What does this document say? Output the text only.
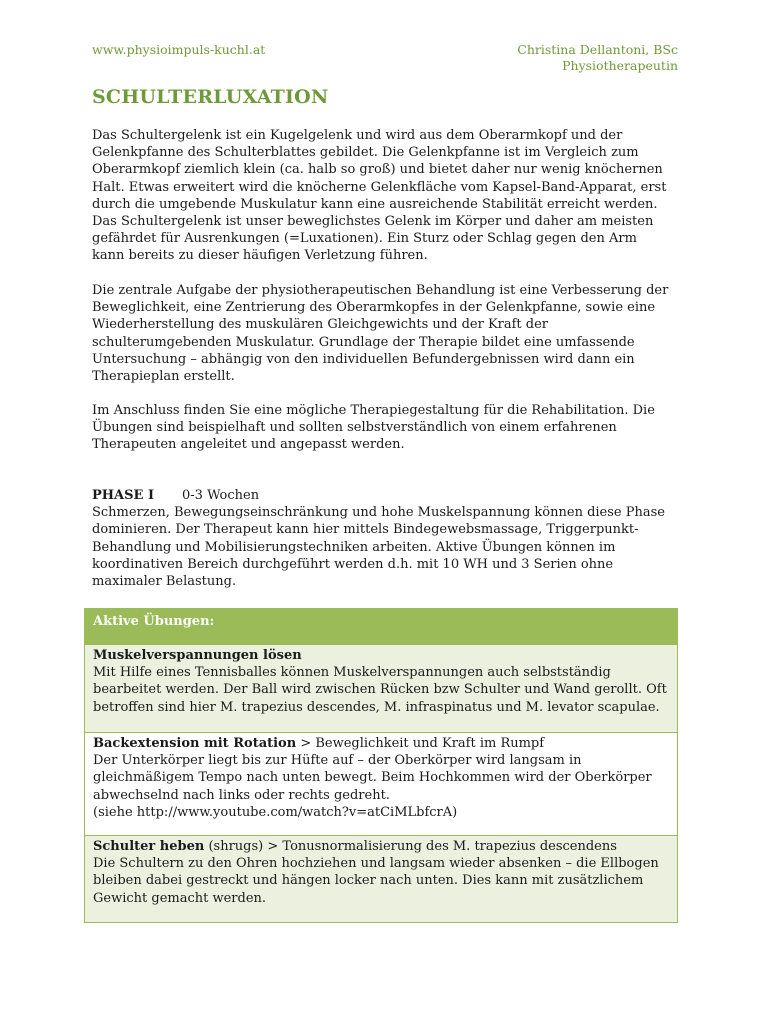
www.physioimpuls-kuchl.at	Christina Dellantoni, BSc
Physiotherapeutin
SCHULTERLUXATION

Das Schultergelenk ist ein Kugelgelenk und wird aus dem Oberarmkopf und der Gelenkpfanne des Schulterblattes gebildet. Die Gelenkpfanne ist im Vergleich zum Oberarmkopf ziemlich klein (ca. halb so groß) und bietet daher nur wenig knöchernen Halt. Etwas erweitert wird die knöcherne Gelenkfläche vom Kapsel-Band-Apparat, erst durch die umgebende Muskulatur kann eine ausreichende Stabilität erreicht werden. Das Schultergelenk ist unser beweglichstes Gelenk im Körper und daher am meisten gefährdet für Ausrenkungen (=Luxationen). Ein Sturz oder Schlag gegen den Arm kann bereits zu dieser häufigen Verletzung führen.

Die zentrale Aufgabe der physiotherapeutischen Behandlung ist eine Verbesserung der Beweglichkeit, eine Zentrierung des Oberarmkopfes in der Gelenkpfanne, sowie eine Wiederherstellung des muskulären Gleichgewichts und der Kraft der schulterumgebenden Muskulatur. Grundlage der Therapie bildet eine umfassende Untersuchung – abhängig von den individuellen Befundergebnissen wird dann ein Therapieplan erstellt.

Im Anschluss finden Sie eine mögliche Therapiegestaltung für die Rehabilitation. Die Übungen sind beispielhaft und sollten selbstverständlich von einem erfahrenen Therapeuten angeleitet und angepasst werden.

PHASE I 0-3 Wochen
Schmerzen, Bewegungseinschränkung und hohe Muskelspannung können diese Phase dominieren. Der Therapeut kann hier mittels Bindegewebsmassage, Triggerpunkt-Behandlung und Mobilisierungstechniken arbeiten. Aktive Übungen können im koordinativen Bereich durchgeführt werden d.h. mit 10 WH und 3 Serien ohne maximaler Belastung.
Aktive Übungen:
Muskelverspannungen lösen
Mit Hilfe eines Tennisballes können Muskelverspannungen auch selbstständig bearbeitet werden. Der Ball wird zwischen Rücken bzw Schulter und Wand gerollt. Oft betroffen sind hier M. trapezius descendes, M. infraspinatus und M. levator scapulae.
Backextension mit Rotation > Beweglichkeit und Kraft im Rumpf
Der Unterkörper liegt bis zur Hüfte auf – der Oberkörper wird langsam in gleichmäßigem Tempo nach unten bewegt. Beim Hochkommen wird der Oberkörper abwechselnd nach links oder rechts gedreht.
(siehe http://www.youtube.com/watch?v=atCiMLbfcrA)
Schulter heben (shrugs) > Tonusnormalisierung des M. trapezius descendens
Die Schultern zu den Ohren hochziehen und langsam wieder absenken – die Ellbogen bleiben dabei gestreckt und hängen locker nach unten. Dies kann mit zusätzlichem Gewicht gemacht werden.
